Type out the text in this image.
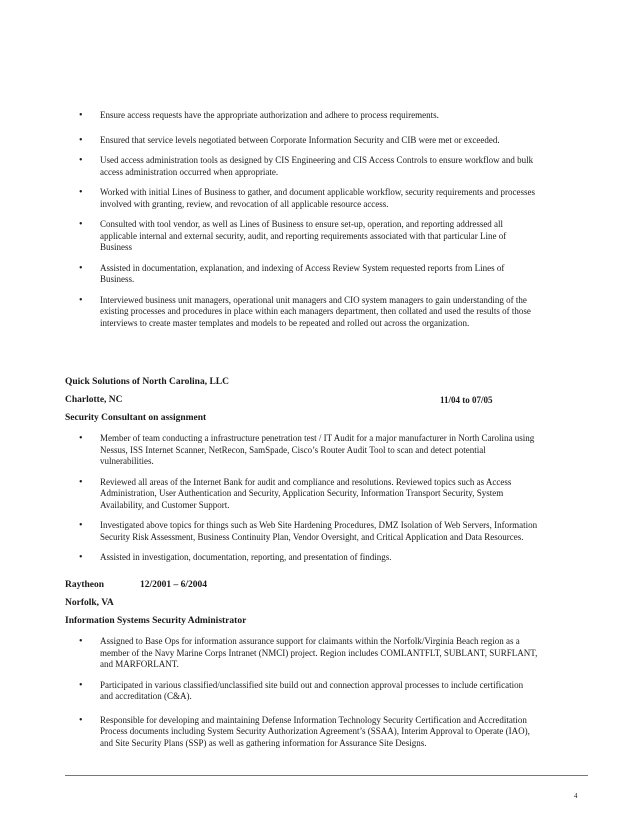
• Ensure access requests have the appropriate authorization and adhere to process requirements.
• Ensured that service levels negotiated between Corporate Information Security and CIB were met or exceeded.
• Used access administration tools as designed by CIS Engineering and CIS Access Controls to ensure workflow and bulk access administration occurred when appropriate.
• Worked with initial Lines of Business to gather, and document applicable workflow, security requirements and processes involved with granting, review, and revocation of all applicable resource access.
• Consulted with tool vendor, as well as Lines of Business to ensure set-up, operation, and reporting addressed all applicable internal and external security, audit, and reporting requirements associated with that particular Line of Business
• Assisted in documentation, explanation, and indexing of Access Review System requested reports from Lines of Business.
• Interviewed business unit managers, operational unit managers and CIO system managers to gain understanding of the existing processes and procedures in place within each managers department, then collated and used the results of those interviews to create master templates and models to be repeated and rolled out across the organization.
Quick Solutions of North Carolina, LLC
Charlotte, NC	11/04 to 07/05
Security Consultant on assignment
• Member of team conducting a infrastructure penetration test / IT Audit for a major manufacturer in North Carolina using Nessus, ISS Internet Scanner, NetRecon, SamSpade, Cisco’s Router Audit Tool to scan and detect potential vulnerabilities.
• Reviewed all areas of the Internet Bank for audit and compliance and resolutions. Reviewed topics such as Access Administration, User Authentication and Security, Application Security, Information Transport Security, System Availability, and Customer Support.
• Investigated above topics for things such as Web Site Hardening Procedures, DMZ Isolation of Web Servers, Information Security Risk Assessment, Business Continuity Plan, Vendor Oversight, and Critical Application and Data Resources.
• Assisted in investigation, documentation, reporting, and presentation of findings.
Raytheon	12/2001 – 6/2004
Norfolk, VA
Information Systems Security Administrator
• Assigned to Base Ops for information assurance support for claimants within the Norfolk/Virginia Beach region as a member of the Navy Marine Corps Intranet (NMCI) project. Region includes COMLANTFLT, SUBLANT, SURFLANT, and MARFORLANT.
• Participated in various classified/unclassified site build out and connection approval processes to include certification and accreditation (C&A).
• Responsible for developing and maintaining Defense Information Technology Security Certification and Accreditation Process documents including System Security Authorization Agreement’s (SSAA), Interim Approval to Operate (IAO), and Site Security Plans (SSP) as well as gathering information for Assurance Site Designs.
4
